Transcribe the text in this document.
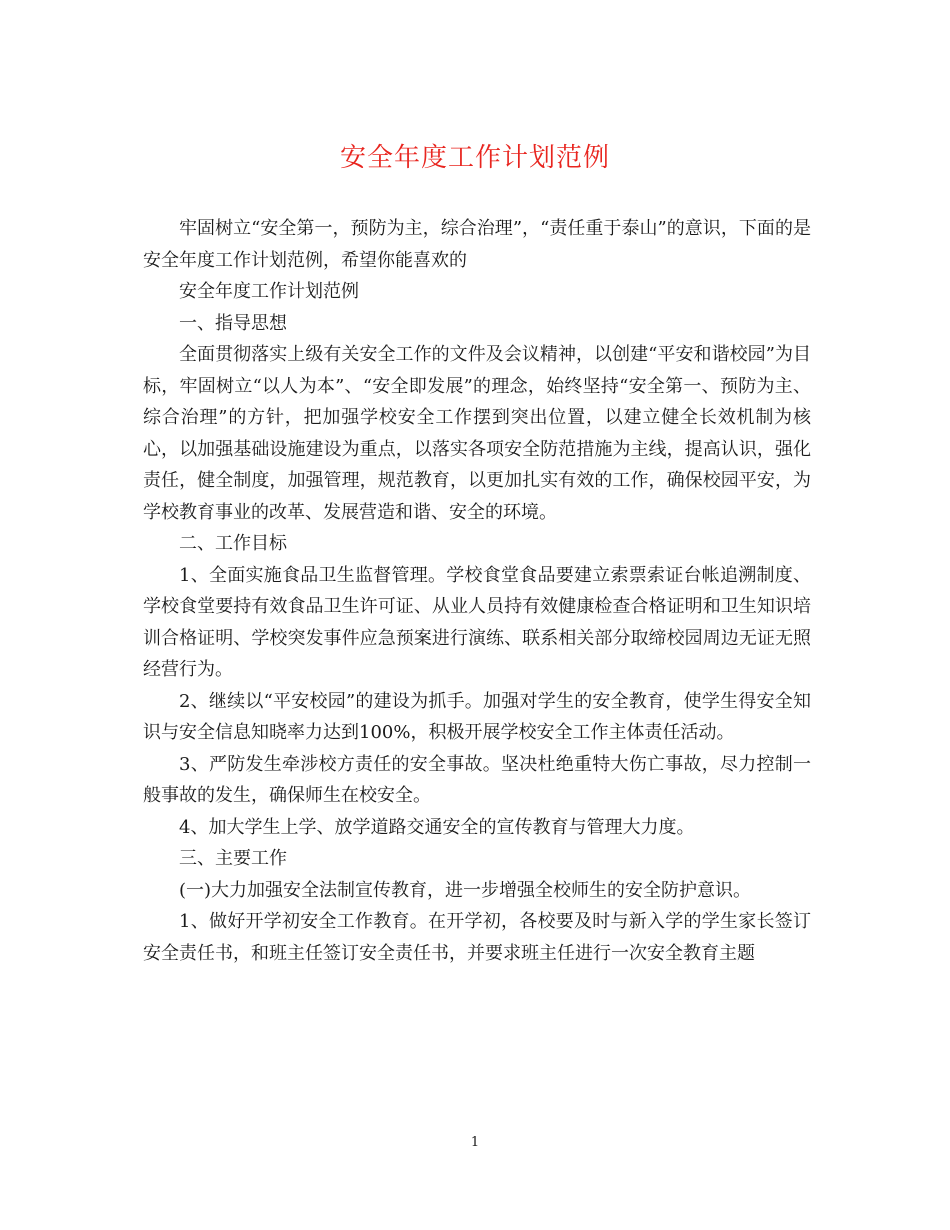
安全年度工作计划范例

牢固树立“安全第一，预防为主，综合治理”，“责任重于泰山”的意识，下面的是安全年度工作计划范例，希望你能喜欢的

安全年度工作计划范例

一、指导思想

全面贯彻落实上级有关安全工作的文件及会议精神，以创建“平安和谐校园”为目标，牢固树立“以人为本”、“安全即发展”的理念，始终坚持“安全第一、预防为主、综合治理”的方针，把加强学校安全工作摆到突出位置，以建立健全长效机制为核心，以加强基础设施建设为重点，以落实各项安全防范措施为主线，提高认识，强化责任，健全制度，加强管理，规范教育，以更加扎实有效的工作，确保校园平安，为学校教育事业的改革、发展营造和谐、安全的环境。

二、工作目标

1、全面实施食品卫生监督管理。学校食堂食品要建立索票索证台帐追溯制度、学校食堂要持有效食品卫生许可证、从业人员持有效健康检查合格证明和卫生知识培训合格证明、学校突发事件应急预案进行演练、联系相关部分取缔校园周边无证无照经营行为。

2、继续以“平安校园”的建设为抓手。加强对学生的安全教育，使学生得安全知识与安全信息知晓率力达到100%，积极开展学校安全工作主体责任活动。

3、严防发生牵涉校方责任的安全事故。坚决杜绝重特大伤亡事故，尽力控制一般事故的发生，确保师生在校安全。

4、加大学生上学、放学道路交通安全的宣传教育与管理大力度。

三、主要工作

(一)大力加强安全法制宣传教育，进一步增强全校师生的安全防护意识。

1、做好开学初安全工作教育。在开学初，各校要及时与新入学的学生家长签订安全责任书，和班主任签订安全责任书，并要求班主任进行一次安全教育主题

1
